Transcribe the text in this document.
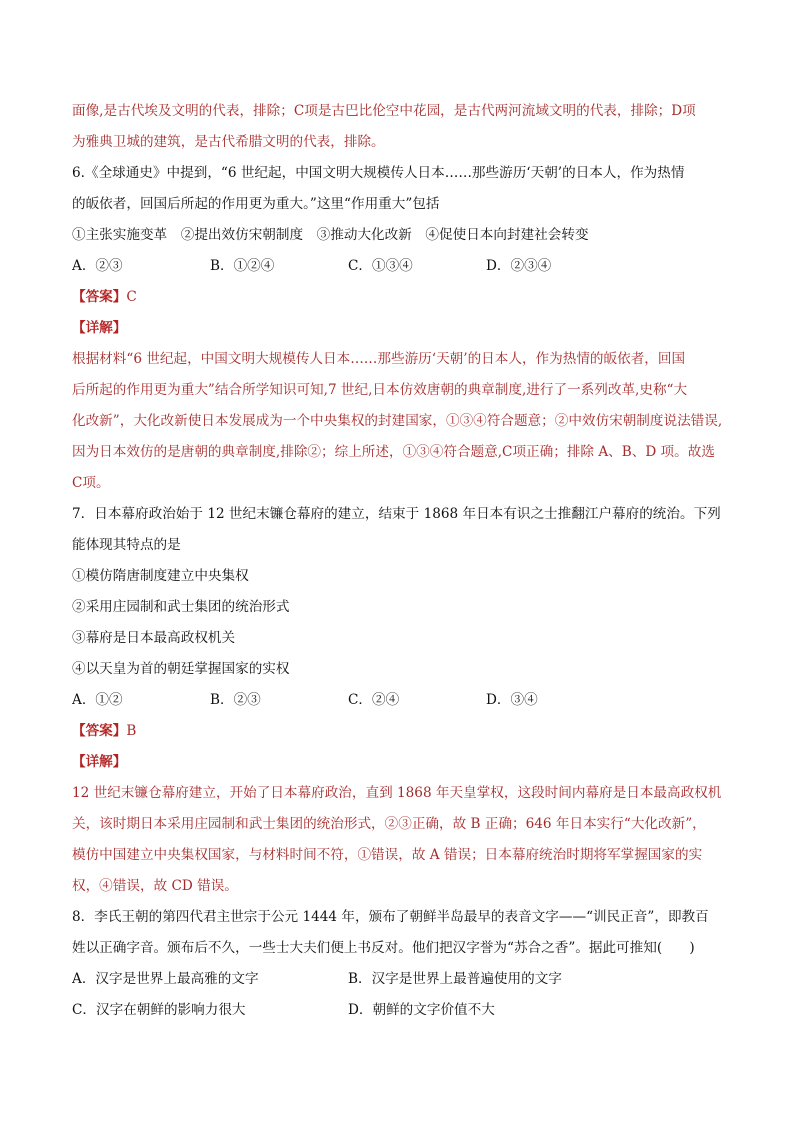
面像,是古代埃及文明的代表，排除；C项是古巴比伦空中花园，是古代两河流域文明的代表，排除；D项
为雅典卫城的建筑，是古代希腊文明的代表，排除。
6.《全球通史》中提到，“6 世纪起，中国文明大规模传人日本……那些游历‘天朝’的日本人，作为热情
的皈依者，回国后所起的作用更为重大。”这里“作用重大”包括
①主张实施变革　②提出效仿宋朝制度　③推动大化改新　④促使日本向封建社会转变
A．②③	B．①②④	C．①③④	D．②③④
【答案】C
【详解】
根据材料“6 世纪起，中国文明大规模传人日本……那些游历‘天朝’的日本人，作为热情的皈依者，回国
后所起的作用更为重大”结合所学知识可知,7 世纪,日本仿效唐朝的典章制度,进行了一系列改革,史称“大
化改新”，大化改新使日本发展成为一个中央集权的封建国家，①③④符合题意；②中效仿宋朝制度说法错误,
因为日本效仿的是唐朝的典章制度,排除②；综上所述，①③④符合题意,C项正确；排除 A、B、D 项。故选
C项。
7．日本幕府政治始于 12 世纪末镰仓幕府的建立，结束于 1868 年日本有识之士推翻江户幕府的统治。下列
能体现其特点的是
①模仿隋唐制度建立中央集权
②采用庄园制和武士集团的统治形式
③幕府是日本最高政权机关
④以天皇为首的朝廷掌握国家的实权
A．①②	B．②③	C．②④	D．③④
【答案】B
【详解】
12 世纪末镰仓幕府建立，开始了日本幕府政治，直到 1868 年天皇掌权，这段时间内幕府是日本最高政权机
关，该时期日本采用庄园制和武士集团的统治形式，②③正确，故 B 正确；646 年日本实行“大化改新”，
模仿中国建立中央集权国家，与材料时间不符，①错误，故 A 错误；日本幕府统治时期将军掌握国家的实
权，④错误，故 CD 错误。
8．李氏王朝的第四代君主世宗于公元 1444 年，颁布了朝鲜半岛最早的表音文字——“训民正音”，即教百
姓以正确字音。颁布后不久，一些士大夫们便上书反对。他们把汉字誉为“苏合之香”。据此可推知(　　)
A．汉字是世界上最高雅的文字	B．汉字是世界上最普遍使用的文字
C．汉字在朝鲜的影响力很大	D．朝鲜的文字价值不大
